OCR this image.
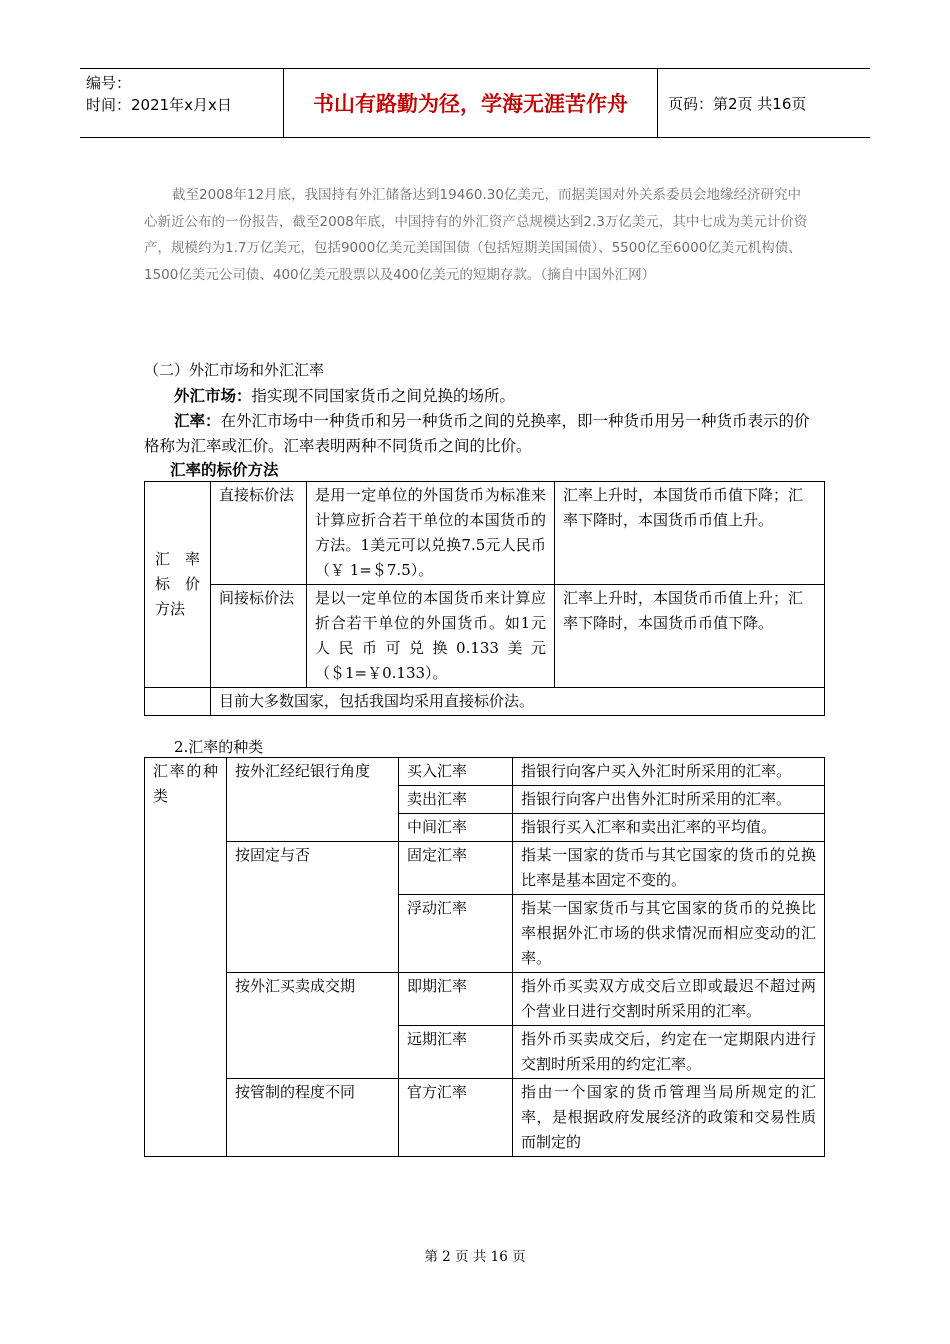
编号：
时间：2021年x月x日	书山有路勤为径，学海无涯苦作舟	页码：第2页 共16页
截至2008年12月底，我国持有外汇储备达到19460.30亿美元，而据美国对外关系委员会地缘经济研究中心新近公布的一份报告，截至2008年底，中国持有的外汇资产总规模达到2.3万亿美元，其中七成为美元计价资产，规模约为1.7万亿美元，包括9000亿美元美国国债（包括短期美国国债）、5500亿至6000亿美元机构债、1500亿美元公司债、400亿美元股票以及400亿美元的短期存款。（摘自中国外汇网）
（二）外汇市场和外汇汇率
外汇市场：指实现不同国家货币之间兑换的场所。
汇率：在外汇市场中一种货币和另一种货币之间的兑换率，即一种货币用另一种货币表示的价格称为汇率或汇价。汇率表明两种不同货币之间的比价。
汇率的标价方法
汇　率标　价方法	直接标价法	是用一定单位的外国货币为标准来计算应折合若干单位的本国货币的方法。1美元可以兑换7.5元人民币（￥ 1=＄7.5）。	汇率上升时，本国货币币值下降；汇率下降时，本国货币币值上升。
	间接标价法	是以一定单位的本国货币来计算应折合若干单位的外国货币。如1元人民币可兑换0.133美元（＄1=￥0.133）。	汇率上升时，本国货币币值上升；汇率下降时，本国货币币值下降。
	目前大多数国家，包括我国均采用直接标价法。		
2.汇率的种类
汇率的种类	按外汇经纪银行角度	买入汇率	指银行向客户买入外汇时所采用的汇率。
		卖出汇率	指银行向客户出售外汇时所采用的汇率。
		中间汇率	指银行买入汇率和卖出汇率的平均值。
	按固定与否	固定汇率	指某一国家的货币与其它国家的货币的兑换比率是基本固定不变的。
		浮动汇率	指某一国家货币与其它国家的货币的兑换比率根据外汇市场的供求情况而相应变动的汇率。
	按外汇买卖成交期	即期汇率	指外币买卖双方成交后立即或最迟不超过两个营业日进行交割时所采用的汇率。
		远期汇率	指外币买卖成交后，约定在一定期限内进行交割时所采用的约定汇率。
	按管制的程度不同	官方汇率	指由一个国家的货币管理当局所规定的汇率，是根据政府发展经济的政策和交易性质而制定的
第 2 页 共 16 页
